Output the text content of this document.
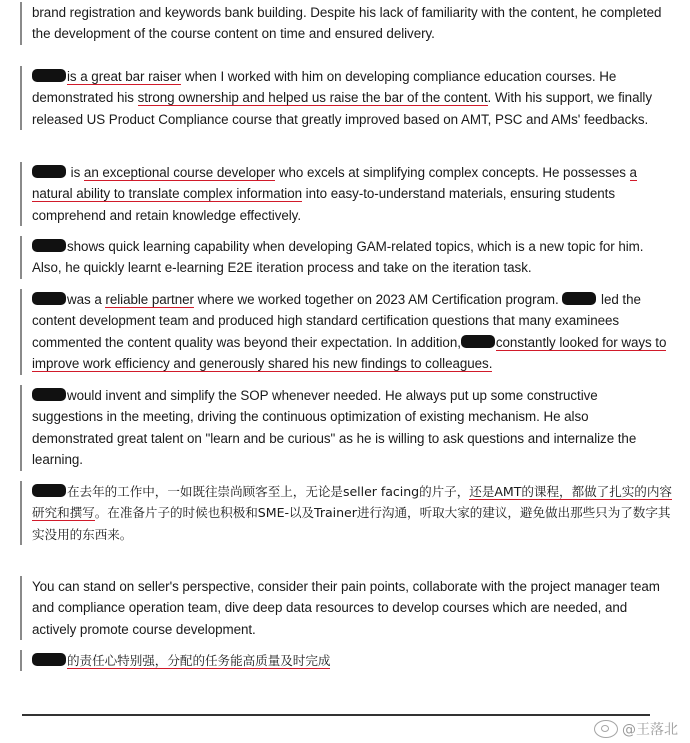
brand registration and keywords bank building. Despite his lack of familiarity with the content, he completed the development of the course content on time and ensured delivery.

is a great bar raiser when I worked with him on developing compliance education courses. He demonstrated his strong ownership and helped us raise the bar of the content. With his support, we finally released US Product Compliance course that greatly improved based on AMT, PSC and AMs' feedbacks.

is an exceptional course developer who excels at simplifying complex concepts. He possesses a natural ability to translate complex information into easy-to-understand materials, ensuring students comprehend and retain knowledge effectively.

shows quick learning capability when developing GAM-related topics, which is a new topic for him. Also, he quickly learnt e-learning E2E iteration process and take on the iteration task.

was a reliable partner where we worked together on 2023 AM Certification program.	led the content development team and produced high standard certification questions that many examinees commented the content quality was beyond their expectation. In addition,	constantly looked for ways to improve work efficiency and generously shared his new findings to colleagues.

would invent and simplify the SOP whenever needed. He always put up some constructive suggestions in the meeting, driving the continuous optimization of existing mechanism. He also demonstrated great talent on "learn and be curious" as he is willing to ask questions and internalize the learning.

在去年的工作中，一如既往崇尚顾客至上，无论是seller facing的片子，还是AMT的课程，都做了扎实的内容研究和撰写。在准备片子的时候也积极和SME-以及Trainer进行沟通，听取大家的建议，避免做出那些只为了数字其实没用的东西来。

You can stand on seller's perspective, consider their pain points, collaborate with the project manager team and compliance operation team, dive deep data resources to develop courses which are needed, and actively promote course development.

的责任心特别强，分配的任务能高质量及时完成

@王落北
